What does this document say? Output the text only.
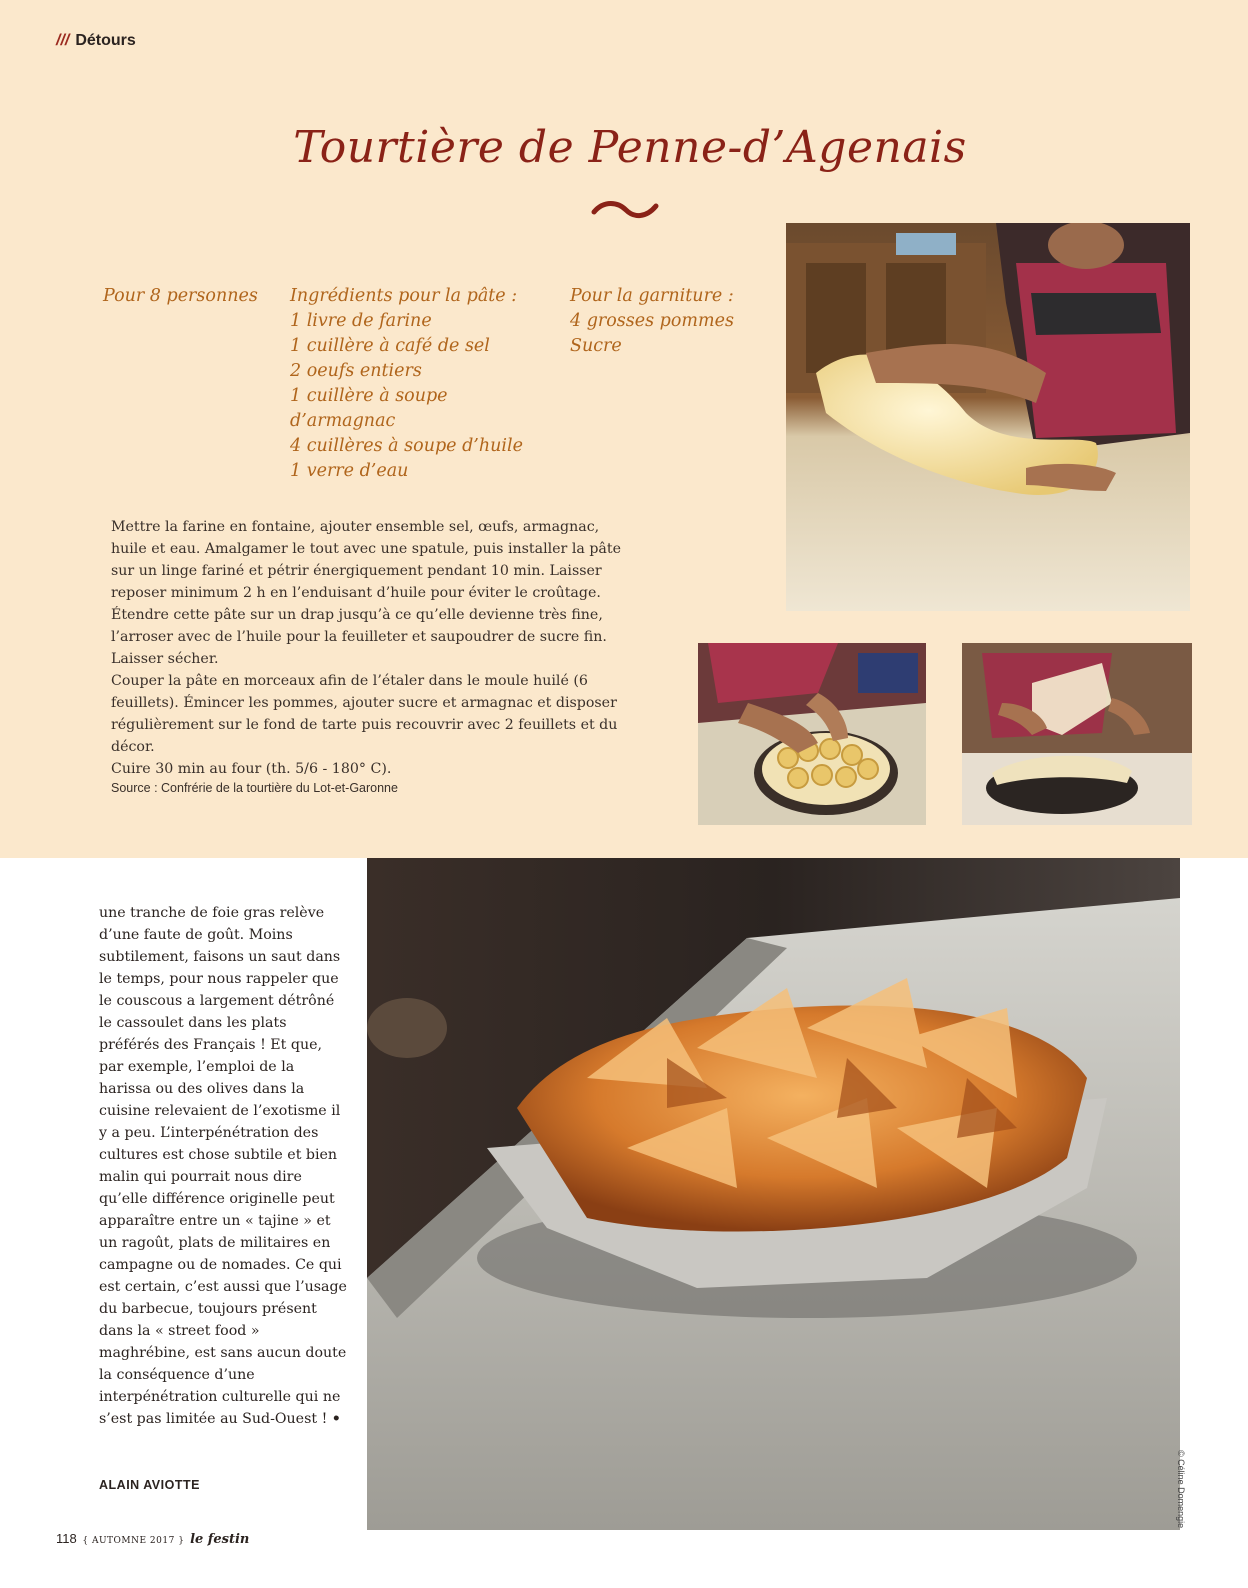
/// Détours
Tourtière de Penne-d’Agenais
Pour 8 personnes	Ingrédients pour la pâte :
1 livre de farine
1 cuillère à café de sel
2 oeufs entiers
1 cuillère à soupe d’armagnac
4 cuillères à soupe d’huile
1 verre d’eau
Pour la garniture :
4 grosses pommes
Sucre

Mettre la farine en fontaine, ajouter ensemble sel, œufs, armagnac, huile et eau. Amalgamer le tout avec une spatule, puis installer la pâte sur un linge fariné et pétrir énergiquement pendant 10 min. Laisser reposer minimum 2 h en l’enduisant d’huile pour éviter le croûtage. Étendre cette pâte sur un drap jusqu’à ce qu’elle devienne très fine, l’arroser avec de l’huile pour la feuilleter et saupoudrer de sucre fin. Laisser sécher.

Couper la pâte en morceaux afin de l’étaler dans le moule huilé (6 feuillets). Émincer les pommes, ajouter sucre et armagnac et disposer régulièrement sur le fond de tarte puis recouvrir avec 2 feuillets et du décor.

Cuire 30 min au four (th. 5/6 - 180° C).

Source : Confrérie de la tourtière du Lot-et-Garonne

une tranche de foie gras relève d’une faute de goût. Moins subtilement, faisons un saut dans le temps, pour nous rappeler que le couscous a largement détrôné le cassoulet dans les plats préférés des Français ! Et que, par exemple, l’emploi de la harissa ou des olives dans la cuisine relevaient de l’exotisme il y a peu. L’interpénétration des cultures est chose subtile et bien malin qui pourrait nous dire qu’elle différence originelle peut apparaître entre un « tajine » et un ragoût, plats de militaires en campagne ou de nomades. Ce qui est certain, c’est aussi que l’usage du barbecue, toujours présent dans la « street food » maghrébine, est sans aucun doute la conséquence d’une interpénétration culturelle qui ne s’est pas limitée au Sud-Ouest ! •

ALAIN AVIOTTE	© Céline Domengie
118 { AUTOMNE 2017 } le festin
